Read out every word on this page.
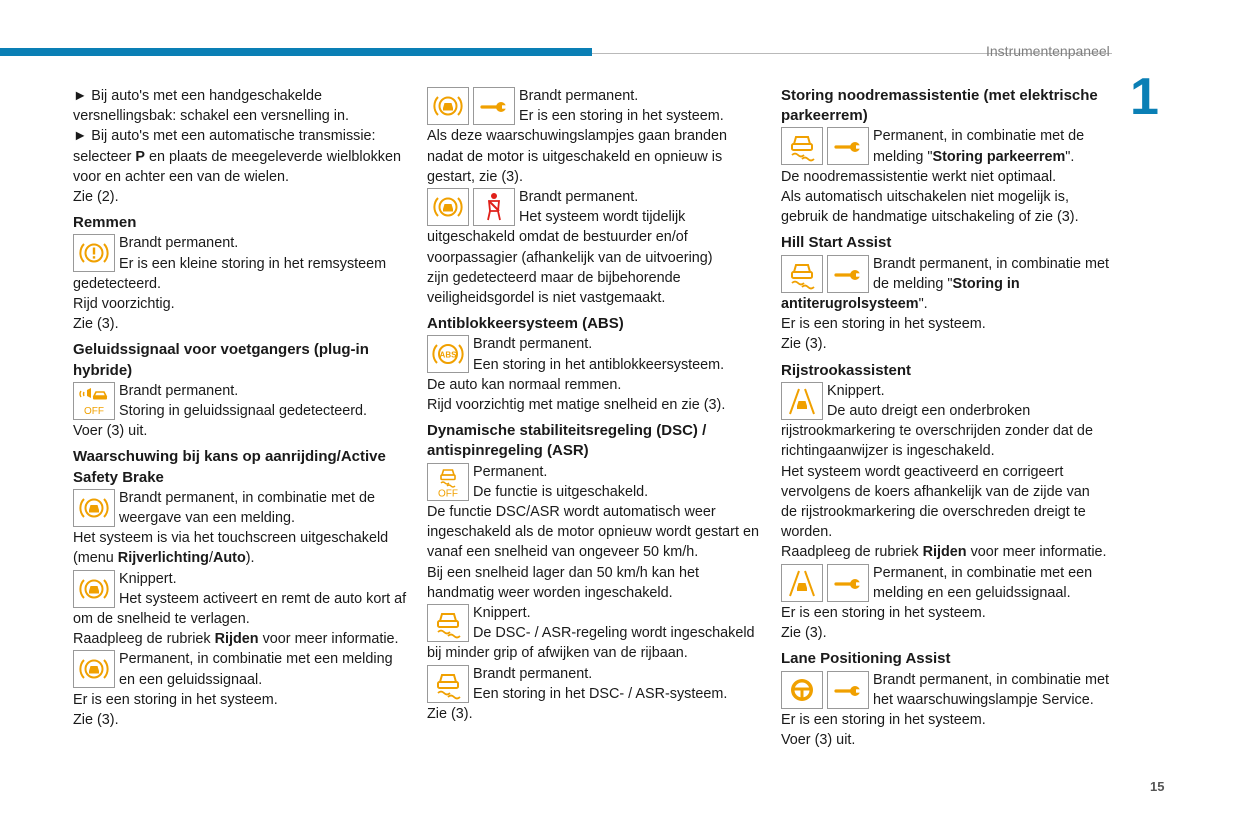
Instrumentenpaneel
1
15

► Bij auto's met een handgeschakelde

versnellingsbak: schakel een versnelling in.

► Bij auto's met een automatische transmissie:

selecteer P en plaats de meegeleverde wielblokken

voor en achter een van de wielen.

Zie (2).

Remmen
Brandt permanent.
Er is een kleine storing in het remsysteem

gedetecteerd.

Rijd voorzichtig.

Zie (3).

Geluidssignaal voor voetgangers (plug-in hybride)
OFF
Brandt permanent.
Storing in geluidssignaal gedetecteerd.

Voer (3) uit.

Waarschuwing bij kans op aanrijding/Active Safety Brake
Brandt permanent, in combinatie met de
weergave van een melding.

Het systeem is via het touchscreen uitgeschakeld

(menu Rijverlichting/Auto).

Knippert.
Het systeem activeert en remt de auto kort af

om de snelheid te verlagen.

Raadpleeg de rubriek Rijden voor meer informatie.

Permanent, in combinatie met een melding
en een geluidssignaal.

Er is een storing in het systeem.

Zie (3).

Brandt permanent.
Er is een storing in het systeem.

Als deze waarschuwingslampjes gaan branden

nadat de motor is uitgeschakeld en opnieuw is

gestart, zie (3).

Brandt permanent.
Het systeem wordt tijdelijk

uitgeschakeld omdat de bestuurder en/of

voorpassagier (afhankelijk van de uitvoering)

zijn gedetecteerd maar de bijbehorende

veiligheidsgordel is niet vastgemaakt.

Antiblokkeersysteem (ABS)
ABS
Brandt permanent.
Een storing in het antiblokkeersysteem.

De auto kan normaal remmen.

Rijd voorzichtig met matige snelheid en zie (3).

Dynamische stabiliteitsregeling (DSC) / antispinregeling (ASR)
OFF
Permanent.
De functie is uitgeschakeld.

De functie DSC/ASR wordt automatisch weer

ingeschakeld als de motor opnieuw wordt gestart en

vanaf een snelheid van ongeveer 50 km/h.

Bij een snelheid lager dan 50 km/h kan het

handmatig weer worden ingeschakeld.

Knippert.
De DSC- / ASR-regeling wordt ingeschakeld

bij minder grip of afwijken van de rijbaan.

Brandt permanent.
Een storing in het DSC- / ASR-systeem.

Zie (3).

Storing noodremassistentie (met elektrische parkeerrem)
Permanent, in combinatie met de
melding "Storing parkeerrem".

De noodremassistentie werkt niet optimaal.

Als automatisch uitschakelen niet mogelijk is,

gebruik de handmatige uitschakeling of zie (3).

Hill Start Assist
Brandt permanent, in combinatie met
de melding "Storing in

antiterugrolsysteem".

Er is een storing in het systeem.

Zie (3).

Rijstrookassistent
Knippert.
De auto dreigt een onderbroken

rijstrookmarkering te overschrijden zonder dat de

richtingaanwijzer is ingeschakeld.

Het systeem wordt geactiveerd en corrigeert

vervolgens de koers afhankelijk van de zijde van

de rijstrookmarkering die overschreden dreigt te

worden.

Raadpleeg de rubriek Rijden voor meer informatie.

Permanent, in combinatie met een
melding en een geluidssignaal.

Er is een storing in het systeem.

Zie (3).

Lane Positioning Assist
Brandt permanent, in combinatie met
het waarschuwingslampje Service.

Er is een storing in het systeem.

Voer (3) uit.
